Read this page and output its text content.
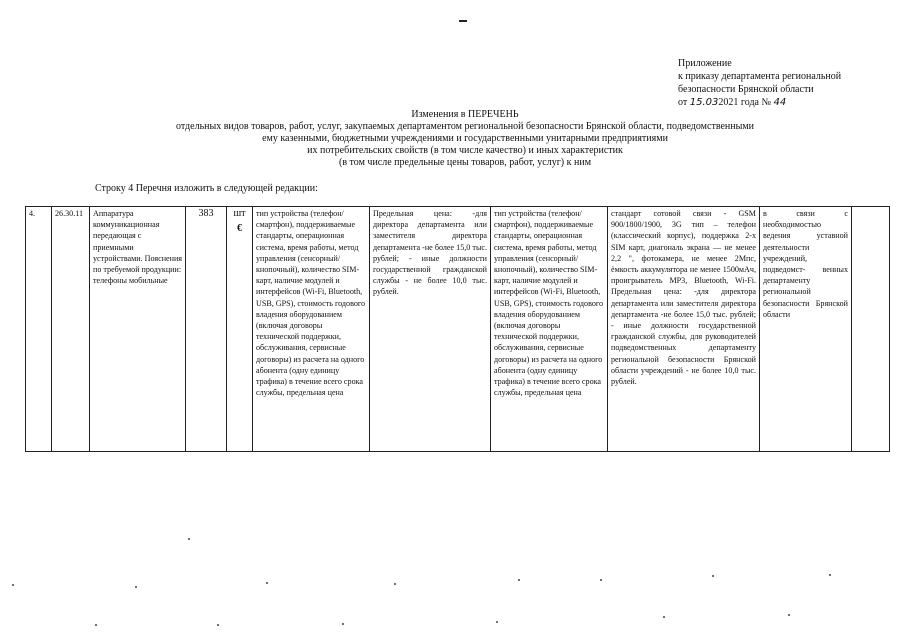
Приложение
к приказу департамента региональной
безопасности Брянской области
от 15.032021 года № 44
Изменения в ПЕРЕЧЕНЬ
отдельных видов товаров, работ, услуг, закупаемых департаментом региональной безопасности Брянской области, подведомственными
ему казенными, бюджетными учреждениями и государственными унитарными предприятиями
их потребительских свойств (в том числе качество) и иных характеристик
(в том числе предельные цены товаров, работ, услуг) к ним
Строку 4 Перечня изложить в следующей редакции:
4.	26.30.11	Аппаратура коммуникационная передающая с приемными устройствами. Пояснения по требуемой продукции: телефоны мобильные	383	шт
€
	тип устройства (телефон/смартфон), поддерживаемые стандарты, операционная система, время работы, метод управления (сенсорный/кнопочный), количество SIM-карт, наличие модулей и интерфейсов (Wi-Fi, Bluetooth, USB, GPS), стоимость годового владения оборудованием (включая договоры технической поддержки, обслуживания, сервисные договоры) из расчета на одного абонента (одну единицу трафика) в течение всего срока службы, предельная цена	Предельная цена: -для директора департамента или заместителя директора департамента -не более 15,0 тыс. рублей; - иные должности государственной гражданской службы - не более 10,0 тыс. рублей.	тип устройства (телефон/смартфон), поддерживаемые стандарты, операционная система, время работы, метод управления (сенсорный/кнопочный), количество SIM-карт, наличие модулей и интерфейсов (Wi-Fi, Bluetooth, USB, GPS), стоимость годового владения оборудованием (включая договоры технической поддержки, обслуживания, сервисные договоры) из расчета на одного абонента (одну единицу трафика) в течение всего срока службы, предельная цена	стандарт сотовой связи - GSM 900/1800/1900, 3G тип – телефон (классический корпус), поддержка 2-х SIM карт, диагональ экрана — не менее 2,2 ", фотокамера, не менее 2Мпс, ёмкость аккумулятора не менее 1500мАч, проигрыватель MP3, Bluetooth, Wi-Fi. Предельная цена: -для директора департамента или заместителя директора департамента -не более 15,0 тыс. рублей; - иные должности государственной гражданской службы, для руководителей подведомственных департаменту региональной безопасности Брянской области учреждений - не более 10,0 тыс. рублей.	в связи с необходимостью ведения уставной деятельности учреждений, подведомст- венных департаменту региональной безопасности Брянской области	
